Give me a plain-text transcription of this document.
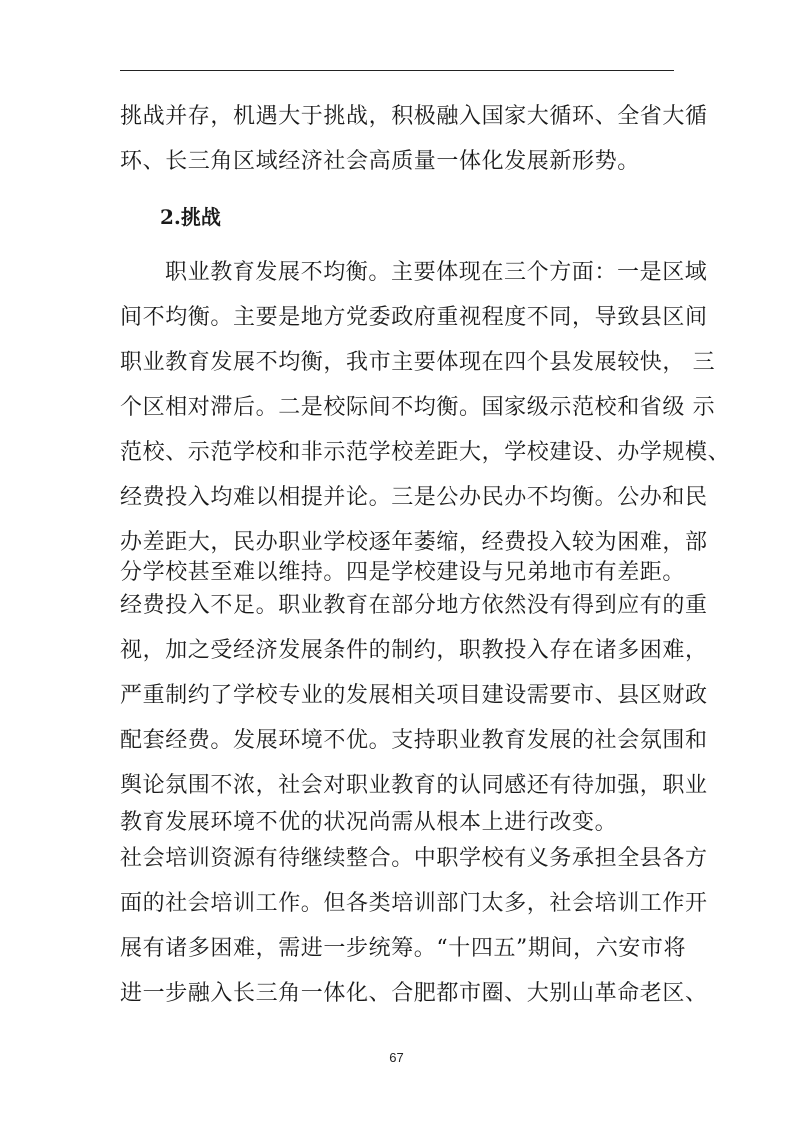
挑战并存，机遇大于挑战，积极融入国家大循环、全省大循
环、长三角区域经济社会高质量一体化发展新形势。
2.挑战
职业教育发展不均衡。主要体现在三个方面：一是区域
间不均衡。主要是地方党委政府重视程度不同，导致县区间
职业教育发展不均衡，我市主要体现在四个县发展较快， 三
个区相对滞后。二是校际间不均衡。国家级示范校和省级 示
范校、示范学校和非示范学校差距大，学校建设、办学规模、
经费投入均难以相提并论。三是公办民办不均衡。公办和民
办差距大，民办职业学校逐年萎缩，经费投入较为困难，部
分学校甚至难以维持。四是学校建设与兄弟地市有差距。
经费投入不足。职业教育在部分地方依然没有得到应有的重
视，加之受经济发展条件的制约，职教投入存在诸多困难，
严重制约了学校专业的发展相关项目建设需要市、县区财政
配套经费。发展环境不优。支持职业教育发展的社会氛围和
舆论氛围不浓，社会对职业教育的认同感还有待加强，职业
教育发展环境不优的状况尚需从根本上进行改变。
社会培训资源有待继续整合。中职学校有义务承担全县各方
面的社会培训工作。但各类培训部门太多，社会培训工作开
展有诸多困难，需进一步统筹。“十四五”期间，六安市将
进一步融入长三角一体化、合肥都市圈、大别山革命老区、
67
